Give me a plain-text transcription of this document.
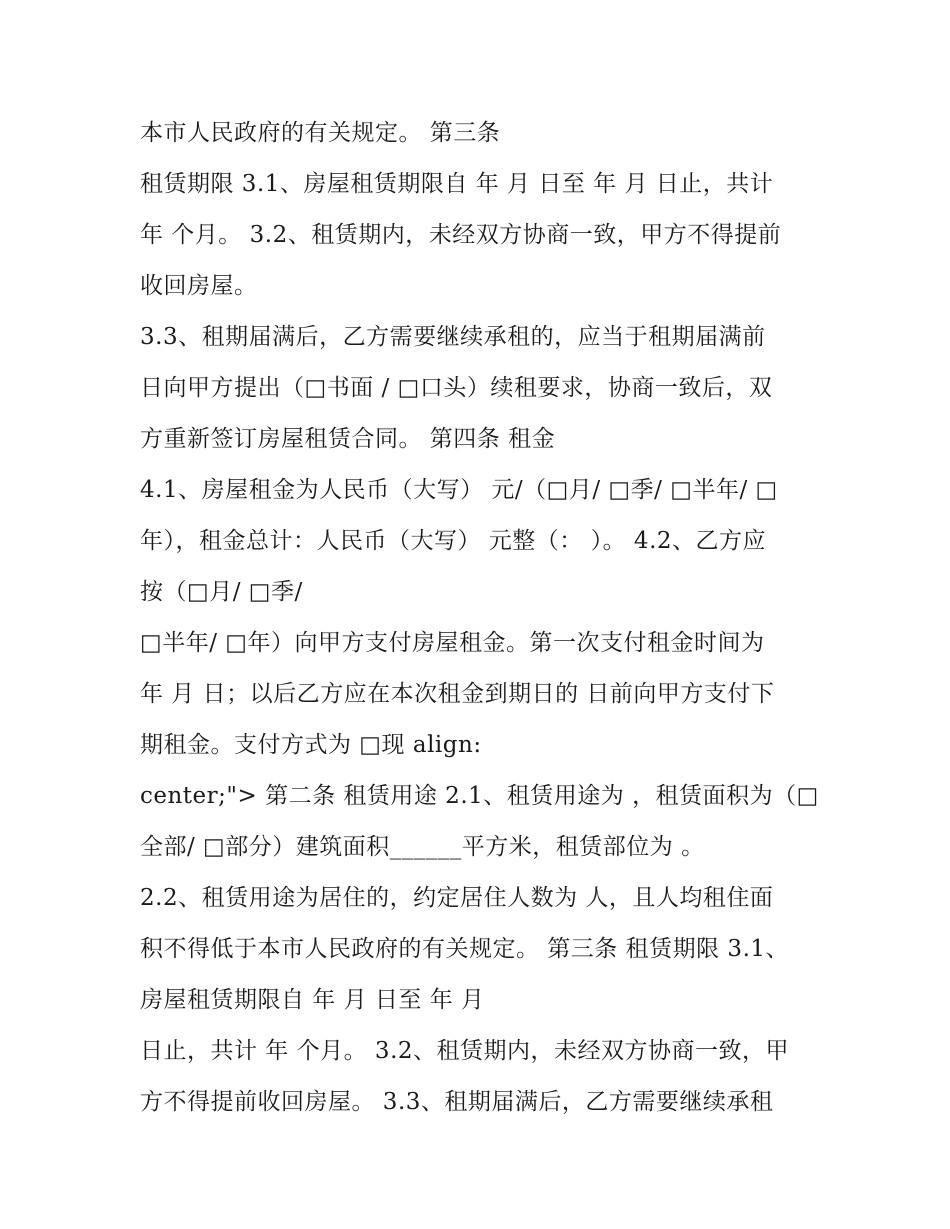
本市人民政府的有关规定。 第三条
租赁期限 3.1、房屋租赁期限自 年 月 日至 年 月 日止，共计
年 个月。 3.2、租赁期内，未经双方协商一致，甲方不得提前
收回房屋。
3.3、租期届满后，乙方需要继续承租的，应当于租期届满前
日向甲方提出（□书面 / □口头）续租要求，协商一致后，双
方重新签订房屋租赁合同。 第四条 租金
4.1、房屋租金为人民币（大写） 元/（□月/ □季/ □半年/ □
年），租金总计：人民币（大写） 元整（： ）。 4.2、乙方应
按（□月/ □季/
□半年/ □年）向甲方支付房屋租金。第一次支付租金时间为
年 月 日；以后乙方应在本次租金到期日的 日前向甲方支付下
期租金。支付方式为 □现 align:
center;"> 第二条 租赁用途 2.1、租赁用途为 ，租赁面积为（□
全部/ □部分）建筑面积______平方米，租赁部位为 。
2.2、租赁用途为居住的，约定居住人数为 人，且人均租住面
积不得低于本市人民政府的有关规定。 第三条 租赁期限 3.1、
房屋租赁期限自 年 月 日至 年 月
日止，共计 年 个月。 3.2、租赁期内，未经双方协商一致，甲
方不得提前收回房屋。 3.3、租期届满后，乙方需要继续承租
